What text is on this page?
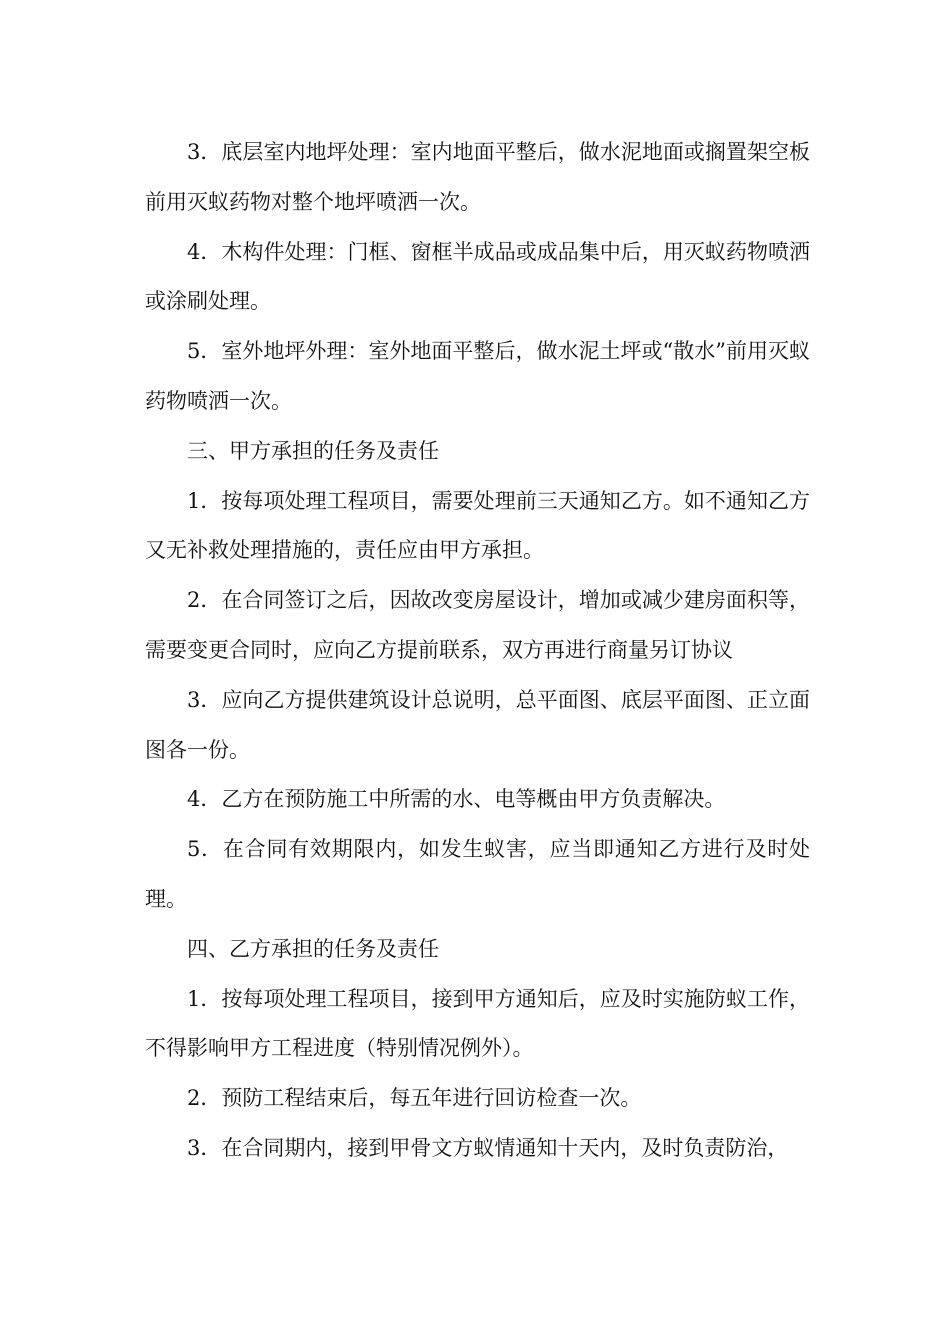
3．底层室内地坪处理：室内地面平整后，做水泥地面或搁置架空板前用灭蚁药物对整个地坪喷洒一次。

4．木构件处理：门框、窗框半成品或成品集中后，用灭蚁药物喷洒或涂刷处理。

5．室外地坪外理：室外地面平整后，做水泥土坪或“散水”前用灭蚁药物喷洒一次。

三、甲方承担的任务及责任

1．按每项处理工程项目，需要处理前三天通知乙方。如不通知乙方又无补救处理措施的，责任应由甲方承担。

2．在合同签订之后，因故改变房屋设计，增加或减少建房面积等，需要变更合同时，应向乙方提前联系，双方再进行商量另订协议

3．应向乙方提供建筑设计总说明，总平面图、底层平面图、正立面图各一份。

4．乙方在预防施工中所需的水、电等概由甲方负责解决。

5．在合同有效期限内，如发生蚁害，应当即通知乙方进行及时处理。

四、乙方承担的任务及责任

1．按每项处理工程项目，接到甲方通知后，应及时实施防蚁工作，不得影响甲方工程进度（特别情况例外）。

2．预防工程结束后，每五年进行回访检查一次。

3．在合同期内，接到甲骨文方蚁情通知十天内，及时负责防治，
